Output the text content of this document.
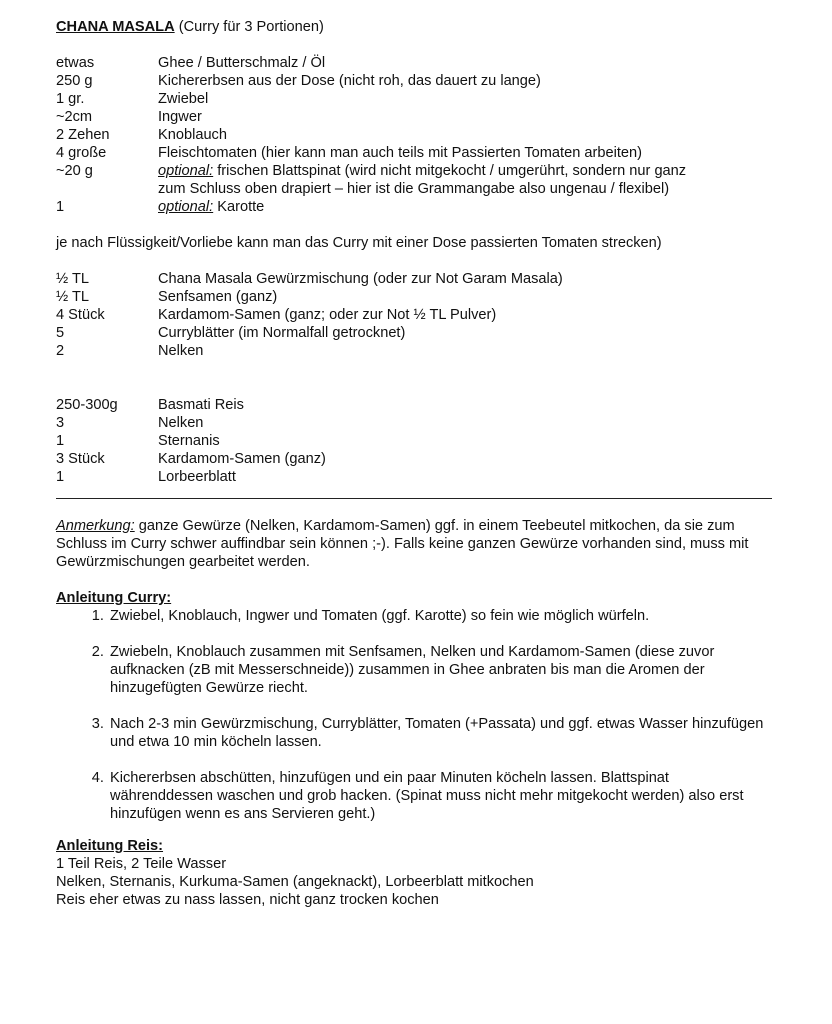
CHANA MASALA (Curry für 3 Portionen)
etwas	Ghee / Butterschmalz / Öl
250 g	Kichererbsen aus der Dose (nicht roh, das dauert zu lange)
1 gr.	Zwiebel
~2cm	Ingwer
2 Zehen	Knoblauch
4 große	Fleischtomaten (hier kann man auch teils mit Passierten Tomaten arbeiten)
~20 g	optional: frischen Blattspinat (wird nicht mitgekocht / umgerührt, sondern nur ganz zum Schluss oben drapiert – hier ist die Grammangabe also ungenau / flexibel)
1	optional: Karotte
je nach Flüssigkeit/Vorliebe kann man das Curry mit einer Dose passierten Tomaten strecken)
½ TL	Chana Masala Gewürzmischung (oder zur Not Garam Masala)
½ TL	Senfsamen (ganz)
4 Stück	Kardamom-Samen (ganz; oder zur Not ½ TL Pulver)
5	Curryblätter (im Normalfall getrocknet)
2	Nelken
250-300g	Basmati Reis
3	Nelken
1	Sternanis
3 Stück	Kardamom-Samen (ganz)
1	Lorbeerblatt
Anmerkung: ganze Gewürze (Nelken, Kardamom-Samen) ggf. in einem Teebeutel mitkochen, da sie zum Schluss im Curry schwer auffindbar sein können ;-). Falls keine ganzen Gewürze vorhanden sind, muss mit Gewürzmischungen gearbeitet werden.
Anleitung Curry:
1. Zwiebel, Knoblauch, Ingwer und Tomaten (ggf. Karotte) so fein wie möglich würfeln.
2. Zwiebeln, Knoblauch zusammen mit Senfsamen, Nelken und Kardamom-Samen (diese zuvor aufknacken (zB mit Messerschneide)) zusammen in Ghee anbraten bis man die Aromen der hinzugefügten Gewürze riecht.
3. Nach 2-3 min Gewürzmischung, Curryblätter, Tomaten (+Passata) und ggf. etwas Wasser hinzufügen und etwa 10 min köcheln lassen.
4. Kichererbsen abschütten, hinzufügen und ein paar Minuten köcheln lassen. Blattspinat währenddessen waschen und grob hacken. (Spinat muss nicht mehr mitgekocht werden) also erst hinzufügen wenn es ans Servieren geht.)
Anleitung Reis:
1 Teil Reis, 2 Teile Wasser
Nelken, Sternanis, Kurkuma-Samen (angeknackt), Lorbeerblatt mitkochen
Reis eher etwas zu nass lassen, nicht ganz trocken kochen
